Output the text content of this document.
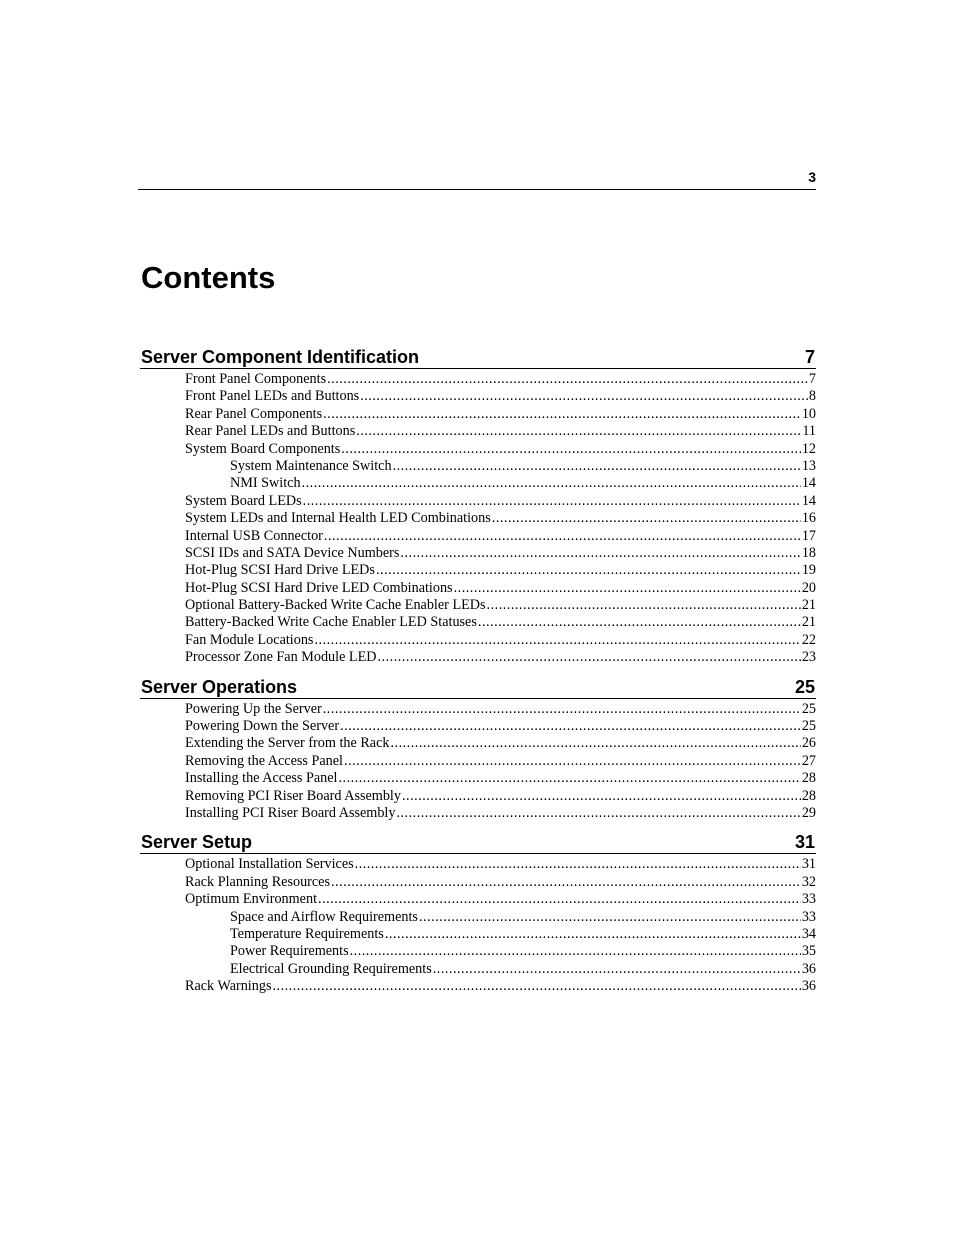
3
Contents
Server Component Identification	7
Front Panel Components .....	7
Front Panel LEDs and Buttons .....	8
Rear Panel Components .....	10
Rear Panel LEDs and Buttons .....	11
System Board Components .....	12
System Maintenance Switch .....	13
NMI Switch .....	14
System Board LEDs .....	14
System LEDs and Internal Health LED Combinations .....	16
Internal USB Connector .....	17
SCSI IDs and SATA Device Numbers .....	18
Hot-Plug SCSI Hard Drive LEDs .....	19
Hot-Plug SCSI Hard Drive LED Combinations .....	20
Optional Battery-Backed Write Cache Enabler LEDs .....	21
Battery-Backed Write Cache Enabler LED Statuses .....	21
Fan Module Locations .....	22
Processor Zone Fan Module LED .....	23
Server Operations	25
Powering Up the Server .....	25
Powering Down the Server .....	25
Extending the Server from the Rack .....	26
Removing the Access Panel .....	27
Installing the Access Panel .....	28
Removing PCI Riser Board Assembly .....	28
Installing PCI Riser Board Assembly .....	29
Server Setup	31
Optional Installation Services .....	31
Rack Planning Resources .....	32
Optimum Environment .....	33
Space and Airflow Requirements .....	33
Temperature Requirements .....	34
Power Requirements .....	35
Electrical Grounding Requirements .....	36
Rack Warnings .....	36
